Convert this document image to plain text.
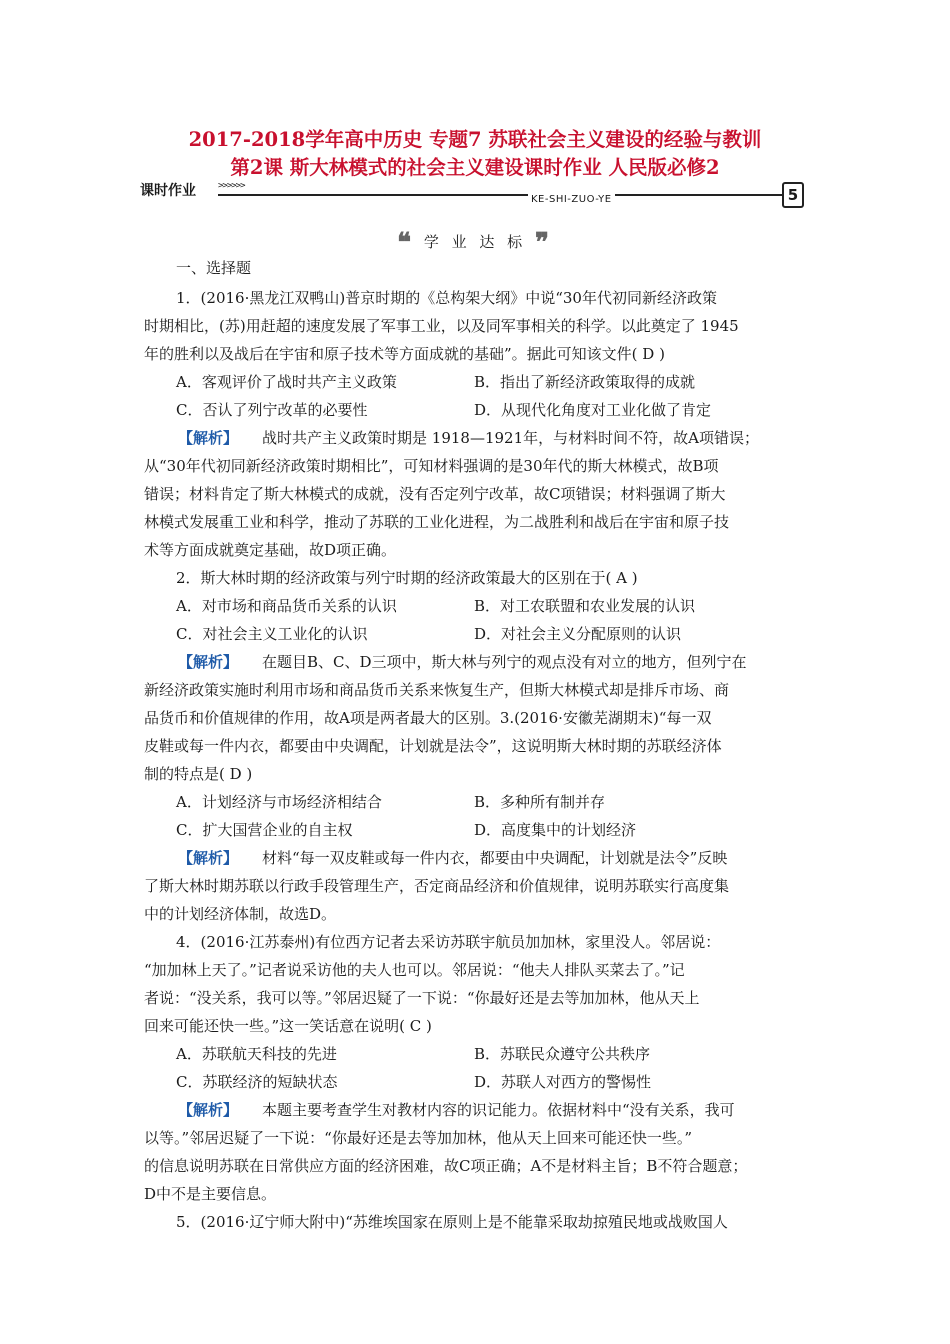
2017-2018学年高中历史 专题7 苏联社会主义建设的经验与教训
第2课 斯大林模式的社会主义建设课时作业 人民版必修2
课时作业 >>>>>>
KE-SHI-ZUO-YE	5
❝ 学 业 达 标 ❞
一、选择题
1．(2016·黑龙江双鸭山)普京时期的《总构架大纲》中说“30年代初同新经济政策
时期相比，(苏)用赶超的速度发展了军事工业，以及同军事相关的科学。以此奠定了 1945
年的胜利以及战后在宇宙和原子技术等方面成就的基础”。据此可知该文件( D )
A．客观评价了战时共产主义政策	B．指出了新经济政策取得的成就
C．否认了列宁改革的必要性	D．从现代化角度对工业化做了肯定
【解析】 战时共产主义政策时期是 1918—1921年，与材料时间不符，故A项错误；
从“30年代初同新经济政策时期相比”，可知材料强调的是30年代的斯大林模式，故B项
错误；材料肯定了斯大林模式的成就，没有否定列宁改革，故C项错误；材料强调了斯大
林模式发展重工业和科学，推动了苏联的工业化进程，为二战胜利和战后在宇宙和原子技
术等方面成就奠定基础，故D项正确。
2．斯大林时期的经济政策与列宁时期的经济政策最大的区别在于( A )
A．对市场和商品货币关系的认识	B．对工农联盟和农业发展的认识
C．对社会主义工业化的认识	D．对社会主义分配原则的认识
【解析】 在题目B、C、D三项中，斯大林与列宁的观点没有对立的地方，但列宁在
新经济政策实施时利用市场和商品货币关系来恢复生产，但斯大林模式却是排斥市场、商
品货币和价值规律的作用，故A项是两者最大的区别。3.(2016·安徽芜湖期末)“每一双
皮鞋或每一件内衣，都要由中央调配，计划就是法令”，这说明斯大林时期的苏联经济体
制的特点是( D )
A．计划经济与市场经济相结合	B．多种所有制并存
C．扩大国营企业的自主权	D．高度集中的计划经济
【解析】 材料“每一双皮鞋或每一件内衣，都要由中央调配，计划就是法令”反映
了斯大林时期苏联以行政手段管理生产，否定商品经济和价值规律，说明苏联实行高度集
中的计划经济体制，故选D。
4．(2016·江苏泰州)有位西方记者去采访苏联宇航员加加林，家里没人。邻居说：
“加加林上天了。”记者说采访他的夫人也可以。邻居说：“他夫人排队买菜去了。”记
者说：“没关系，我可以等。”邻居迟疑了一下说：“你最好还是去等加加林，他从天上
回来可能还快一些。”这一笑话意在说明( C )
A．苏联航天科技的先进	B．苏联民众遵守公共秩序
C．苏联经济的短缺状态	D．苏联人对西方的警惕性
【解析】 本题主要考查学生对教材内容的识记能力。依据材料中“没有关系，我可
以等。”邻居迟疑了一下说：“你最好还是去等加加林，他从天上回来可能还快一些。”
的信息说明苏联在日常供应方面的经济困难，故C项正确；A不是材料主旨；B不符合题意；
D中不是主要信息。
5．(2016·辽宁师大附中)“苏维埃国家在原则上是不能靠采取劫掠殖民地或战败国人
